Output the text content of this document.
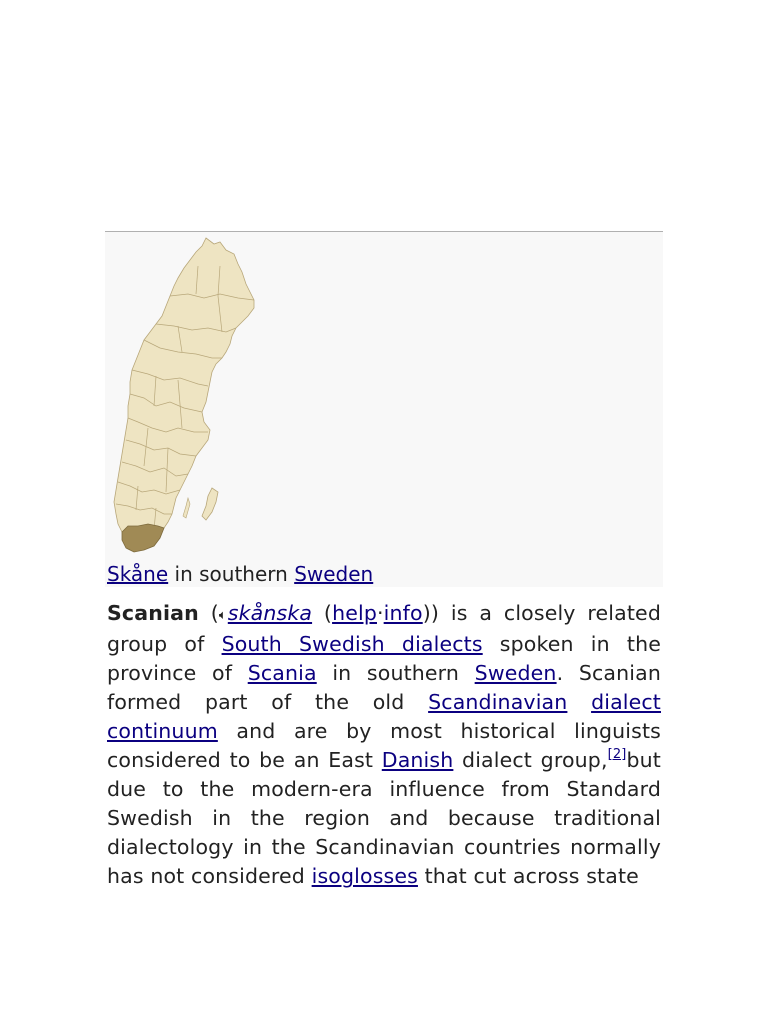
Skåne in southern Sweden

Scanian (🔈︎skånska (help·info)) is a closely related group of South Swedish dialects spoken in the province of Scania in southern Sweden. Scanian formed part of the old Scandinavian dialect continuum and are by most historical linguists considered to be an East Danish dialect group,[2]but due to the modern-era influence from Standard Swedish in the region and because traditional dialectology in the Scandinavian countries normally has not considered isoglosses that cut across state
